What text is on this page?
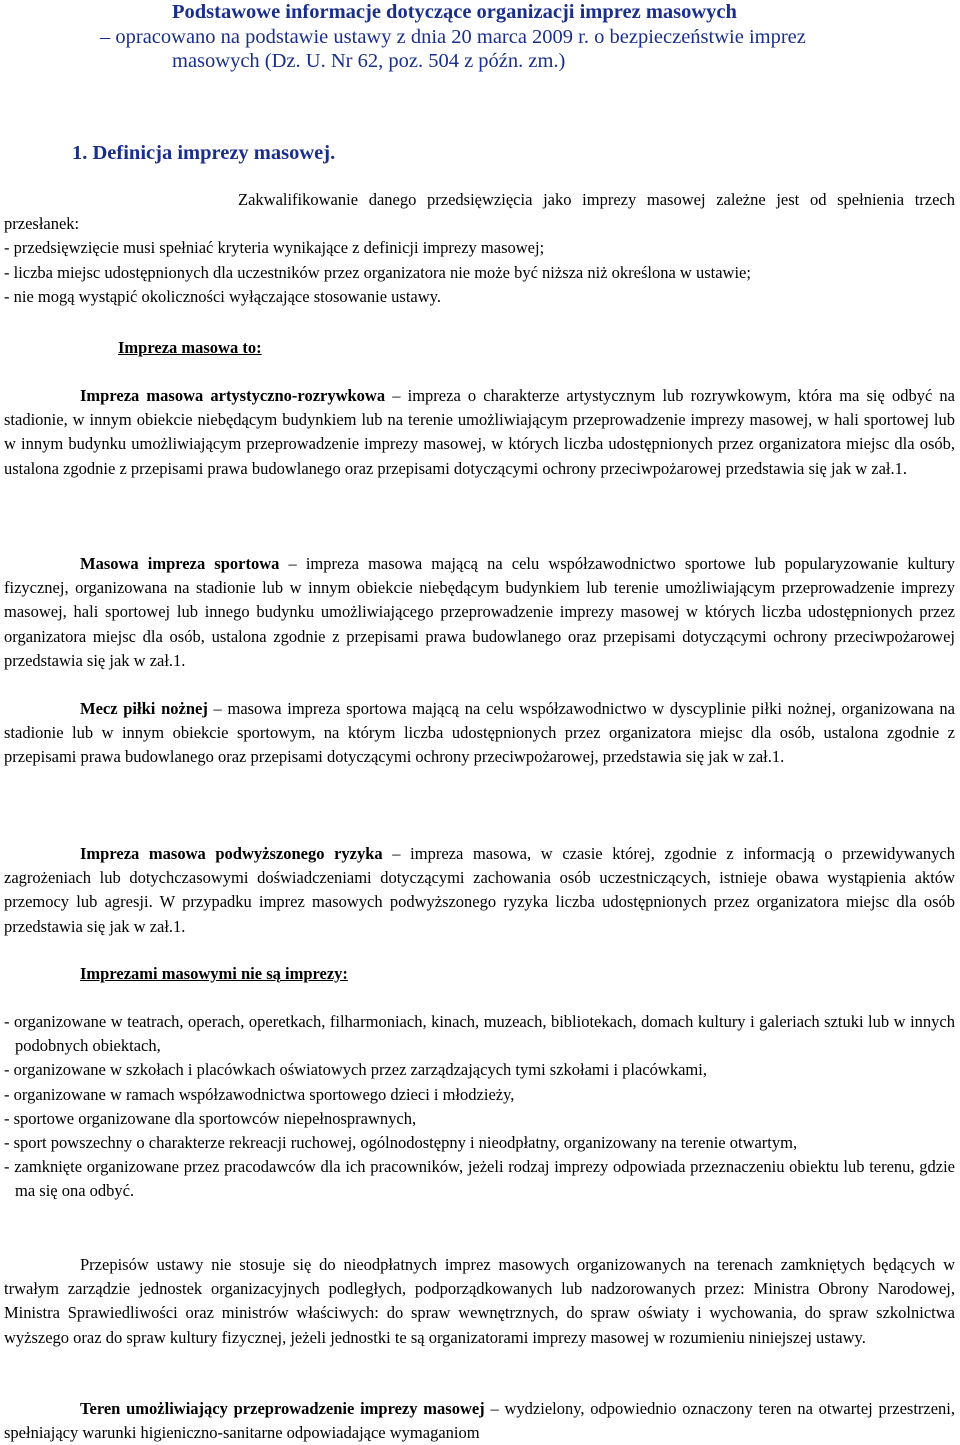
Podstawowe informacje dotyczące organizacji imprez masowych
– opracowano na podstawie ustawy z dnia 20 marca 2009 r. o bezpieczeństwie imprez
masowych (Dz. U. Nr 62, poz. 504 z późn. zm.)
1. Definicja imprezy masowej.

Zakwalifikowanie danego przedsięwzięcia jako imprezy masowej zależne jest od spełnienia trzech przesłanek:

- przedsięwzięcie musi spełniać kryteria wynikające z definicji imprezy masowej;

- liczba miejsc udostępnionych dla uczestników przez organizatora nie może być niższa niż określona w ustawie;

- nie mogą wystąpić okoliczności wyłączające stosowanie ustawy.

Impreza masowa to:

Impreza masowa artystyczno-rozrywkowa – impreza o charakterze artystycznym lub rozrywkowym, która ma się odbyć na stadionie, w innym obiekcie niebędącym budynkiem lub na terenie umożliwiającym przeprowadzenie imprezy masowej, w hali sportowej lub w innym budynku umożliwiającym przeprowadzenie imprezy masowej, w których liczba udostępnionych przez organizatora miejsc dla osób, ustalona zgodnie z przepisami prawa budowlanego oraz przepisami dotyczącymi ochrony przeciwpożarowej przedstawia się jak w zał.1.

Masowa impreza sportowa – impreza masowa mającą na celu współzawodnictwo sportowe lub popularyzowanie kultury fizycznej, organizowana na stadionie lub w innym obiekcie niebędącym budynkiem lub terenie umożliwiającym przeprowadzenie imprezy masowej, hali sportowej lub innego budynku umożliwiającego przeprowadzenie imprezy masowej w których liczba udostępnionych przez organizatora miejsc dla osób, ustalona zgodnie z przepisami prawa budowlanego oraz przepisami dotyczącymi ochrony przeciwpożarowej przedstawia się jak w zał.1.

Mecz piłki nożnej – masowa impreza sportowa mającą na celu współzawodnictwo w dyscyplinie piłki nożnej, organizowana na stadionie lub w innym obiekcie sportowym, na którym liczba udostępnionych przez organizatora miejsc dla osób, ustalona zgodnie z przepisami prawa budowlanego oraz przepisami dotyczącymi ochrony przeciwpożarowej, przedstawia się jak w zał.1.

Impreza masowa podwyższonego ryzyka – impreza masowa, w czasie której, zgodnie z informacją o przewidywanych zagrożeniach lub dotychczasowymi doświadczeniami dotyczącymi zachowania osób uczestniczących, istnieje obawa wystąpienia aktów przemocy lub agresji. W przypadku imprez masowych podwyższonego ryzyka liczba udostępnionych przez organizatora miejsc dla osób przedstawia się jak w zał.1.

Imprezami masowymi nie są imprezy:

- organizowane w teatrach, operach, operetkach, filharmoniach, kinach, muzeach, bibliotekach, domach kultury i galeriach sztuki lub w innych podobnych obiektach,

- organizowane w szkołach i placówkach oświatowych przez zarządzających tymi szkołami i placówkami,

- organizowane w ramach współzawodnictwa sportowego dzieci i młodzieży,

- sportowe organizowane dla sportowców niepełnosprawnych,

- sport powszechny o charakterze rekreacji ruchowej, ogólnodostępny i nieodpłatny, organizowany na terenie otwartym,

- zamknięte organizowane przez pracodawców dla ich pracowników, jeżeli rodzaj imprezy odpowiada przeznaczeniu obiektu lub terenu, gdzie ma się ona odbyć.

Przepisów ustawy nie stosuje się do nieodpłatnych imprez masowych organizowanych na terenach zamkniętych będących w trwałym zarządzie jednostek organizacyjnych podległych, podporządkowanych lub nadzorowanych przez: Ministra Obrony Narodowej, Ministra Sprawiedliwości oraz ministrów właściwych: do spraw wewnętrznych, do spraw oświaty i wychowania, do spraw szkolnictwa wyższego oraz do spraw kultury fizycznej, jeżeli jednostki te są organizatorami imprezy masowej w rozumieniu niniejszej ustawy.

Teren umożliwiający przeprowadzenie imprezy masowej – wydzielony, odpowiednio oznaczony teren na otwartej przestrzeni, spełniający warunki higieniczno-sanitarne odpowiadające wymaganiom
